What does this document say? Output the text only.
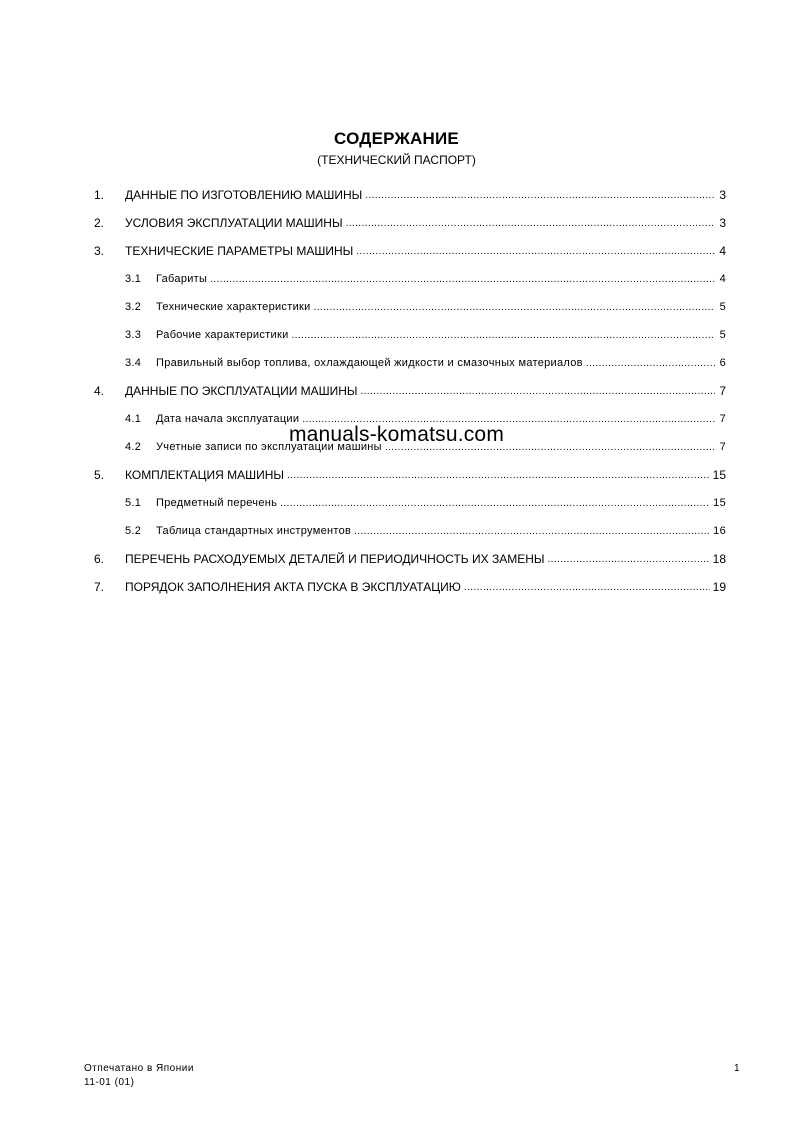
СОДЕРЖАНИЕ
(ТЕХНИЧЕСКИЙ ПАСПОРТ)
1.	ДАННЫЕ ПО ИЗГОТОВЛЕНИЮ МАШИНЫ .....	3
2.	УСЛОВИЯ ЭКСПЛУАТАЦИИ МАШИНЫ .....	3
3.	ТЕХНИЧЕСКИЕ ПАРАМЕТРЫ МАШИНЫ .....	4
3.1	Габариты .....	4
3.2	Технические характеристики .....	5
3.3	Рабочие характеристики .....	5
3.4	Правильный выбор топлива, охлаждающей жидкости и смазочных материалов .....	6
4.	ДАННЫЕ ПО ЭКСПЛУАТАЦИИ МАШИНЫ .....	7
4.1	Дата начала эксплуатации .....	7
4.2	Учетные записи по эксплуатации машины .....	7
5.	КОМПЛЕКТАЦИЯ МАШИНЫ .....	15
5.1	Предметный перечень .....	15
5.2	Таблица стандартных инструментов .....	16
6.	ПЕРЕЧЕНЬ РАСХОДУЕМЫХ ДЕТАЛЕЙ И ПЕРИОДИЧНОСТЬ ИХ ЗАМЕНЫ .....	18
7.	ПОРЯДОК ЗАПОЛНЕНИЯ АКТА ПУСКА В ЭКСПЛУАТАЦИЮ .....	19
manuals-komatsu.com
Отпечатано в Японии
11-01 (01)
1
